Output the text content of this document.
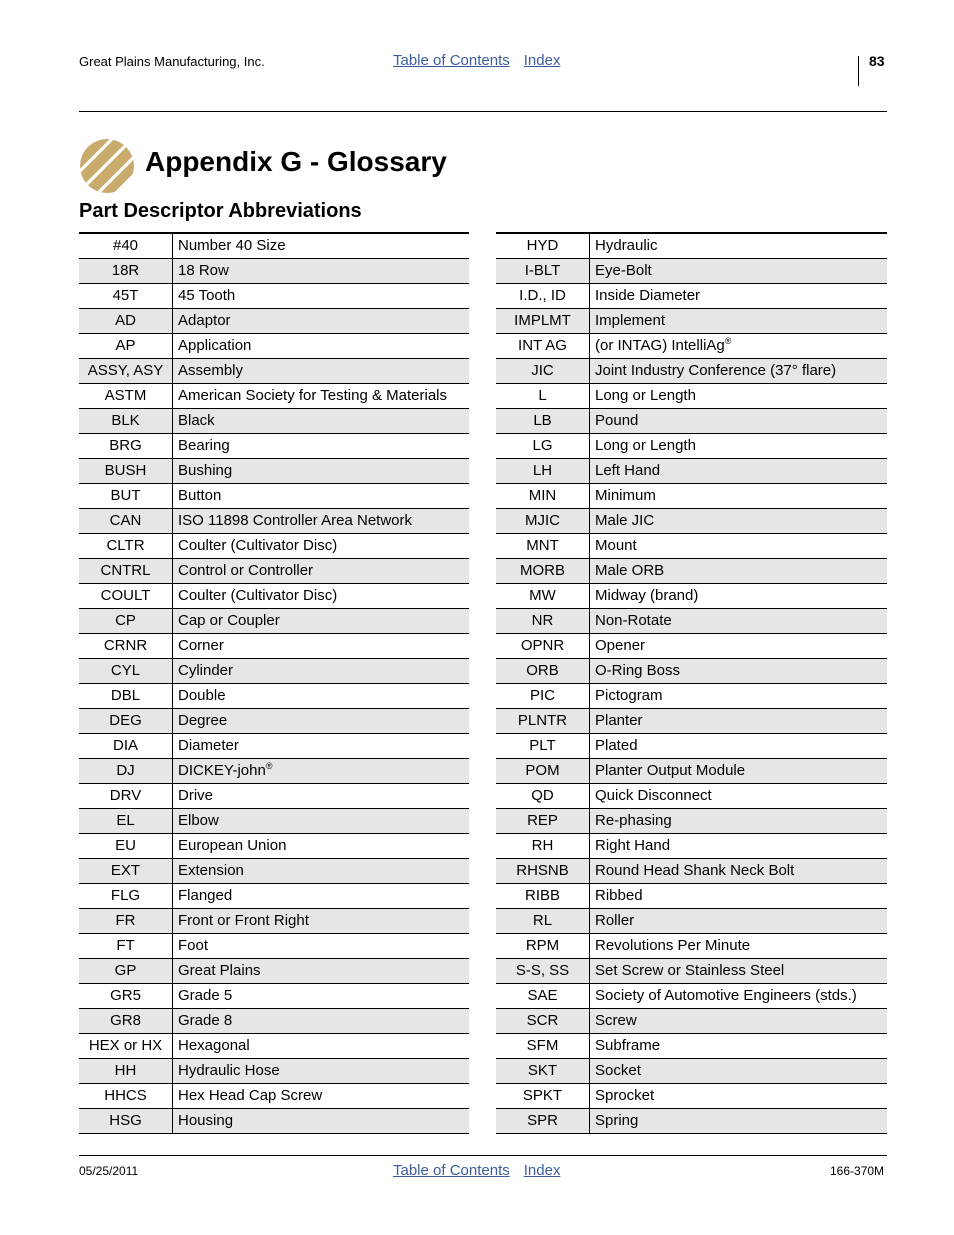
Great Plains Manufacturing, Inc.	Table of Contents Index	83
Appendix G - Glossary
Part Descriptor Abbreviations
#40	Number 40 Size
18R	18 Row
45T	45 Tooth
AD	Adaptor
AP	Application
ASSY, ASY	Assembly
ASTM	American Society for Testing & Materials
BLK	Black
BRG	Bearing
BUSH	Bushing
BUT	Button
CAN	ISO 11898 Controller Area Network
CLTR	Coulter (Cultivator Disc)
CNTRL	Control or Controller
COULT	Coulter (Cultivator Disc)
CP	Cap or Coupler
CRNR	Corner
CYL	Cylinder
DBL	Double
DEG	Degree
DIA	Diameter
DJ	DICKEY-john®
DRV	Drive
EL	Elbow
EU	European Union
EXT	Extension
FLG	Flanged
FR	Front or Front Right
FT	Foot
GP	Great Plains
GR5	Grade 5
GR8	Grade 8
HEX or HX	Hexagonal
HH	Hydraulic Hose
HHCS	Hex Head Cap Screw
HSG	Housing
HYD	Hydraulic
I-BLT	Eye-Bolt
I.D., ID	Inside Diameter
IMPLMT	Implement
INT AG	(or INTAG) IntelliAg®
JIC	Joint Industry Conference (37° flare)
L	Long or Length
LB	Pound
LG	Long or Length
LH	Left Hand
MIN	Minimum
MJIC	Male JIC
MNT	Mount
MORB	Male ORB
MW	Midway (brand)
NR	Non-Rotate
OPNR	Opener
ORB	O-Ring Boss
PIC	Pictogram
PLNTR	Planter
PLT	Plated
POM	Planter Output Module
QD	Quick Disconnect
REP	Re-phasing
RH	Right Hand
RHSNB	Round Head Shank Neck Bolt
RIBB	Ribbed
RL	Roller
RPM	Revolutions Per Minute
S-S, SS	Set Screw or Stainless Steel
SAE	Society of Automotive Engineers (stds.)
SCR	Screw
SFM	Subframe
SKT	Socket
SPKT	Sprocket
SPR	Spring
05/25/2011	Table of Contents Index	166-370M
